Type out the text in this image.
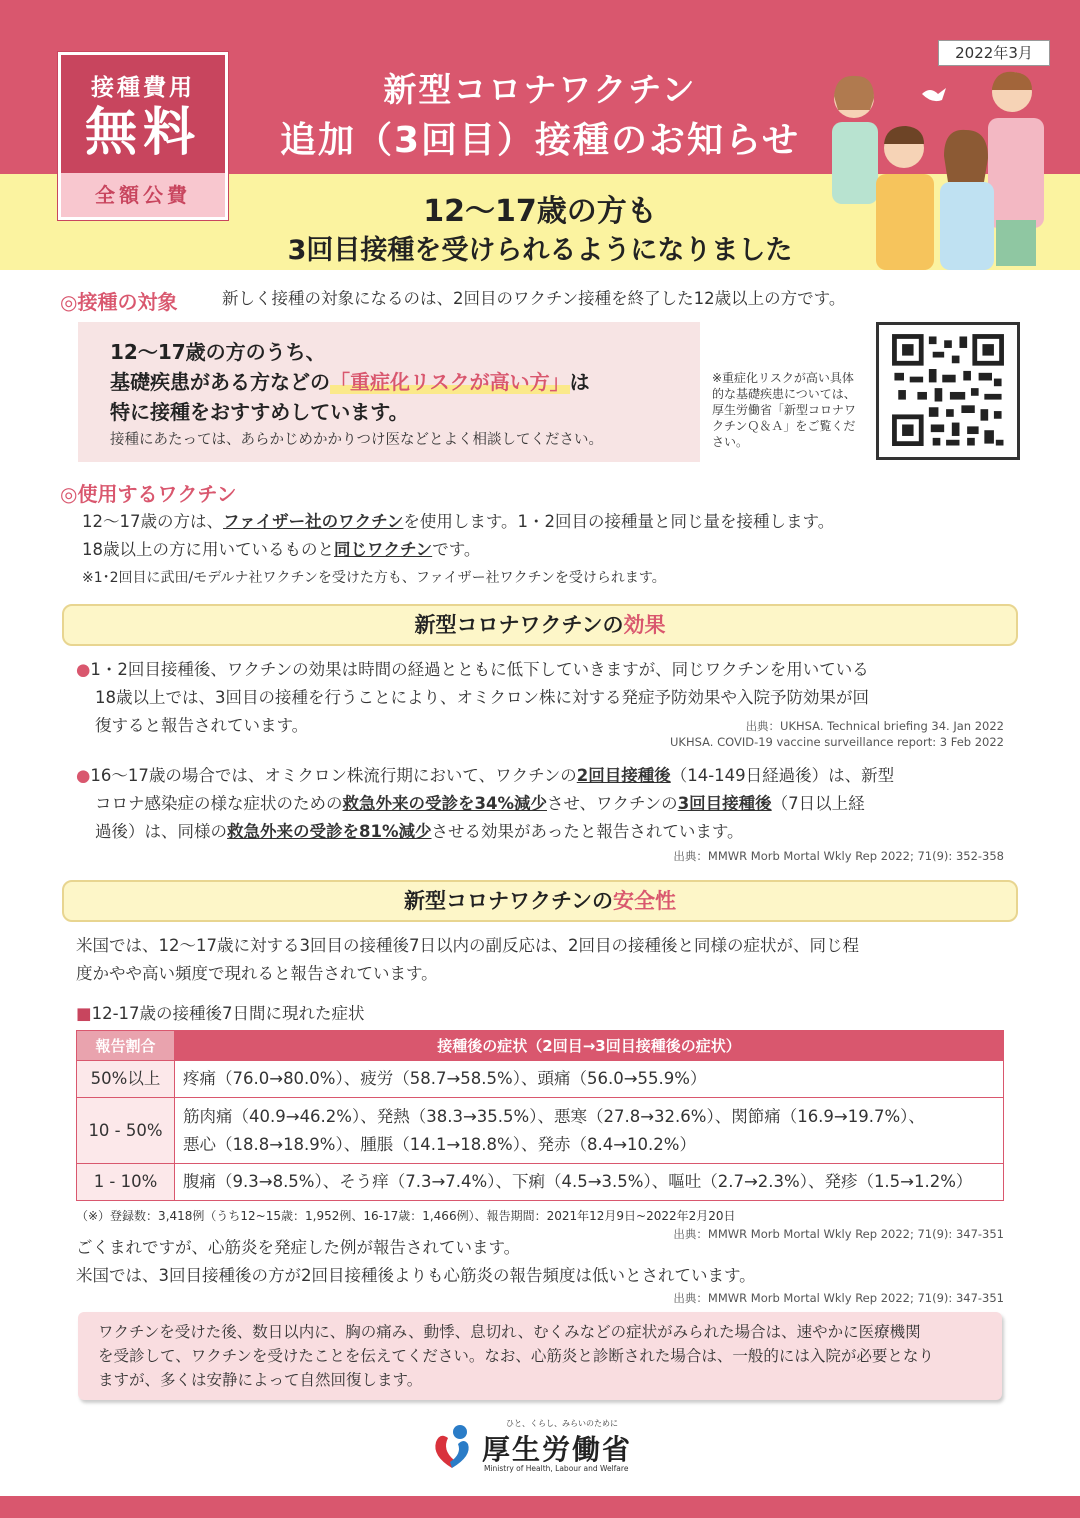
2022年3月
接種費用
無料
全額公費
新型コロナワクチン
追加（3回目）接種のお知らせ
12～17歳の方も
3回目接種を受けられるようになりました
◎接種の対象	新しく接種の対象になるのは、2回目のワクチン接種を終了した12歳以上の方です。
12～17歳の方のうち、
基礎疾患がある方などの「重症化リスクが高い方」は
特に接種をおすすめしています。
接種にあたっては、あらかじめかかりつけ医などとよく相談してください。
※重症化リスクが高い具体的な基礎疾患については、厚生労働省「新型コロナワクチンＱ＆Ａ」をご覧ください。
◎使用するワクチン
12～17歳の方は、ファイザー社のワクチンを使用します。1・2回目の接種量と同じ量を接種します。
18歳以上の方に用いているものと同じワクチンです。
※1･2回目に武田/モデルナ社ワクチンを受けた方も、ファイザー社ワクチンを受けられます。
新型コロナワクチンの効果
●1・2回目接種後、ワクチンの効果は時間の経過とともに低下していきますが、同じワクチンを用いている
18歳以上では、3回目の接種を行うことにより、オミクロン株に対する発症予防効果や入院予防効果が回
復すると報告されています。	出典：UKHSA. Technical briefing 34. Jan 2022
UKHSA. COVID-19 vaccine surveillance report: 3 Feb 2022
●16～17歳の場合では、オミクロン株流行期において、ワクチンの2回目接種後（14-149日経過後）は、新型
コロナ感染症の様な症状のための救急外来の受診を34%減少させ、ワクチンの3回目接種後（7日以上経
過後）は、同様の救急外来の受診を81%減少させる効果があったと報告されています。
出典：MMWR Morb Mortal Wkly Rep 2022; 71(9): 352-358
新型コロナワクチンの安全性
米国では、12～17歳に対する3回目の接種後7日以内の副反応は、2回目の接種後と同様の症状が、同じ程
度かやや高い頻度で現れると報告されています。
■12-17歳の接種後7日間に現れた症状
報告割合	接種後の症状（2回目→3回目接種後の症状）
50%以上	疼痛（76.0→80.0%）、疲労（58.7→58.5%）、頭痛（56.0→55.9%）

10 - 50%	筋肉痛（40.9→46.2%）、発熱（38.3→35.5%）、悪寒（27.8→32.6%）、関節痛（16.9→19.7%）、
悪心（18.8→18.9%）、腫脹（14.1→18.8%）、発赤（8.4→10.2%）

1 - 10%	腹痛（9.3→8.5%）、そう痒（7.3→7.4%）、下痢（4.5→3.5%）、嘔吐（2.7→2.3%）、発疹（1.5→1.2%）
（※）登録数：3,418例（うち12~15歳：1,952例、16-17歳：1,466例）、報告期間：2021年12月9日~2022年2月20日
出典：MMWR Morb Mortal Wkly Rep 2022; 71(9): 347-351
ごくまれですが、心筋炎を発症した例が報告されています。
米国では、3回目接種後の方が2回目接種後よりも心筋炎の報告頻度は低いとされています。
出典：MMWR Morb Mortal Wkly Rep 2022; 71(9): 347-351
ワクチンを受けた後、数日以内に、胸の痛み、動悸、息切れ、むくみなどの症状がみられた場合は、速やかに医療機関
を受診して、ワクチンを受けたことを伝えてください。なお、心筋炎と診断された場合は、一般的には入院が必要となり
ますが、多くは安静によって自然回復します。
ひと、くらし、みらいのために
厚生労働省
Ministry of Health, Labour and Welfare
